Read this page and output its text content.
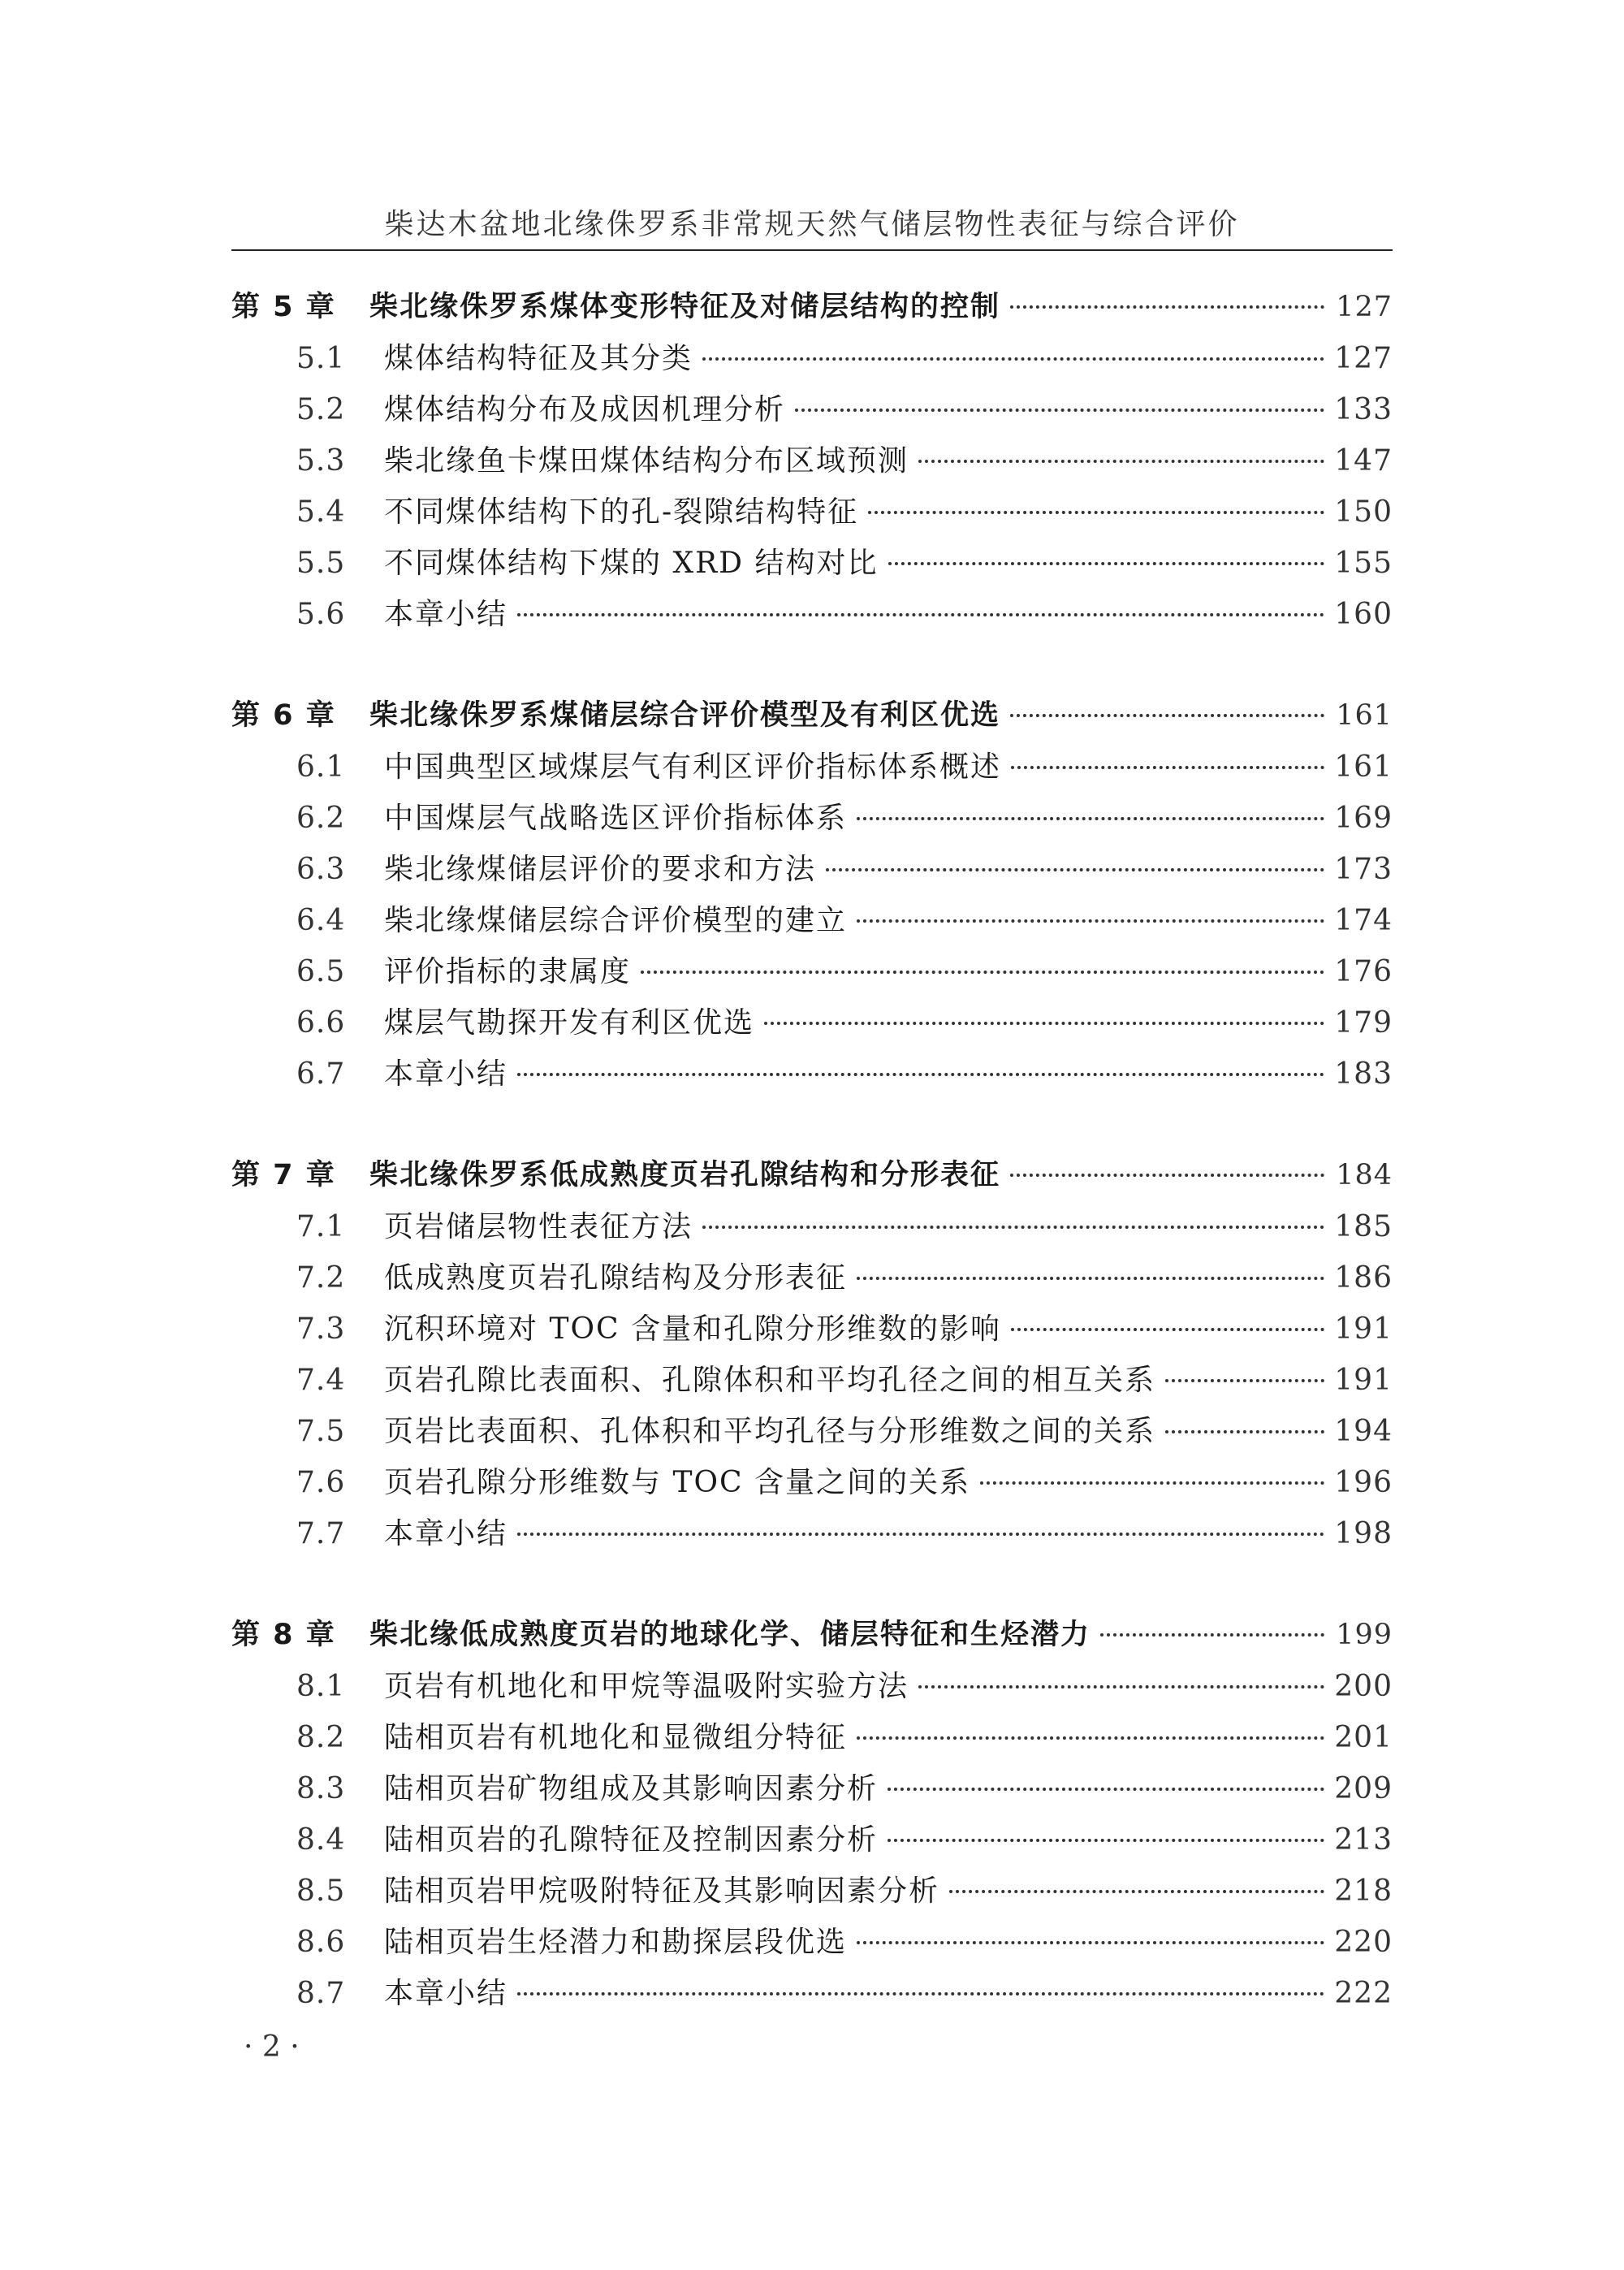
柴达木盆地北缘侏罗系非常规天然气储层物性表征与综合评价
第 5 章	柴北缘侏罗系煤体变形特征及对储层结构的控制	127
5.1	煤体结构特征及其分类	127
5.2	煤体结构分布及成因机理分析	133
5.3	柴北缘鱼卡煤田煤体结构分布区域预测	147
5.4	不同煤体结构下的孔-裂隙结构特征	150
5.5	不同煤体结构下煤的 XRD 结构对比	155
5.6	本章小结	160
第 6 章	柴北缘侏罗系煤储层综合评价模型及有利区优选	161
6.1	中国典型区域煤层气有利区评价指标体系概述	161
6.2	中国煤层气战略选区评价指标体系	169
6.3	柴北缘煤储层评价的要求和方法	173
6.4	柴北缘煤储层综合评价模型的建立	174
6.5	评价指标的隶属度	176
6.6	煤层气勘探开发有利区优选	179
6.7	本章小结	183
第 7 章	柴北缘侏罗系低成熟度页岩孔隙结构和分形表征	184
7.1	页岩储层物性表征方法	185
7.2	低成熟度页岩孔隙结构及分形表征	186
7.3	沉积环境对 TOC 含量和孔隙分形维数的影响	191
7.4	页岩孔隙比表面积、孔隙体积和平均孔径之间的相互关系	191
7.5	页岩比表面积、孔体积和平均孔径与分形维数之间的关系	194
7.6	页岩孔隙分形维数与 TOC 含量之间的关系	196
7.7	本章小结	198
第 8 章	柴北缘低成熟度页岩的地球化学、储层特征和生烃潜力	199
8.1	页岩有机地化和甲烷等温吸附实验方法	200
8.2	陆相页岩有机地化和显微组分特征	201
8.3	陆相页岩矿物组成及其影响因素分析	209
8.4	陆相页岩的孔隙特征及控制因素分析	213
8.5	陆相页岩甲烷吸附特征及其影响因素分析	218
8.6	陆相页岩生烃潜力和勘探层段优选	220
8.7	本章小结	222
· 2 ·
